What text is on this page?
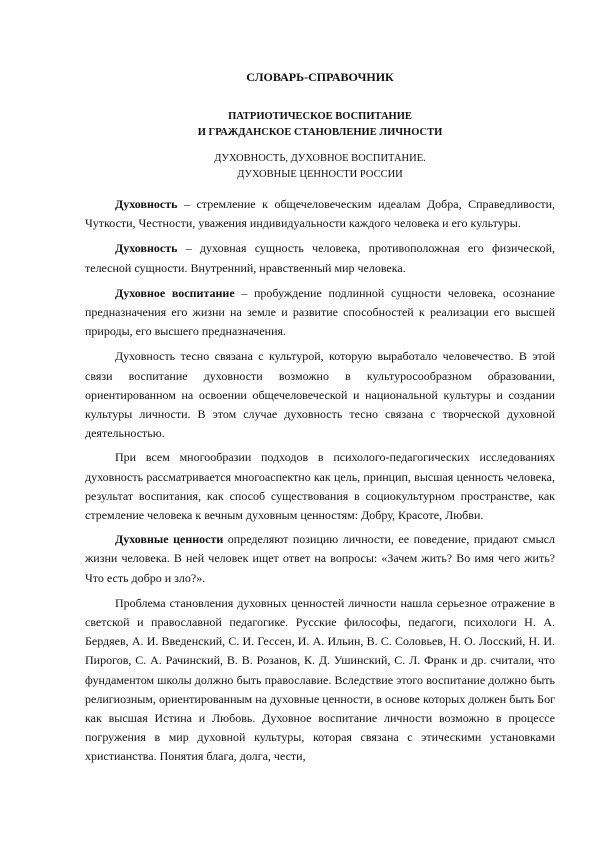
СЛОВАРЬ-СПРАВОЧНИК
ПАТРИОТИЧЕСКОЕ ВОСПИТАНИЕ
И ГРАЖДАНСКОЕ СТАНОВЛЕНИЕ ЛИЧНОСТИ
ДУХОВНОСТЬ, ДУХОВНОЕ ВОСПИТАНИЕ.
ДУХОВНЫЕ ЦЕННОСТИ РОССИИ

Духовность – стремление к общечеловеческим идеалам Добра, Справедливости, Чуткости, Честности, уважения индивидуальности каждого человека и его культуры.

Духовность – духовная сущность человека, противоположная его физической, телесной сущности. Внутренний, нравственный мир человека.

Духовное воспитание – пробуждение подлинной сущности человека, осознание предназначения его жизни на земле и развитие способностей к реализации его высшей природы, его высшего предназначения.

Духовность тесно связана с культурой, которую выработало человечество. В этой связи воспитание духовности возможно в культуросообразном образовании, ориентированном на освоении общечеловеческой и национальной культуры и создании культуры личности. В этом случае духовность тесно связана с творческой духовной деятельностью.

При всем многообразии подходов в психолого-педагогических исследованиях духовность рассматривается многоаспектно как цель, принцип, высшая ценность человека, результат воспитания, как способ существования в социокультурном пространстве, как стремление человека к вечным духовным ценностям: Добру, Красоте, Любви.

Духовные ценности определяют позицию личности, ее поведение, придают смысл жизни человека. В ней человек ищет ответ на вопросы: «Зачем жить? Во имя чего жить? Что есть добро и зло?».

Проблема становления духовных ценностей личности нашла серьезное отражение в светской и православной педагогике. Русские философы, педагоги, психологи Н. А. Бердяев, А. И. Введенский, С. И. Гессен, И. А. Ильин, В. С. Соловьев, Н. О. Лосский, Н. И. Пирогов, С. А. Рачинский, В. В. Розанов, К. Д. Ушинский, С. Л. Франк и др. считали, что фундаментом школы должно быть православие. Вследствие этого воспитание должно быть религиозным, ориентированным на духовные ценности, в основе которых должен быть Бог как высшая Истина и Любовь. Духовное воспитание личности возможно в процессе погружения в мир духовной культуры, которая связана с этическими установками христианства. Понятия блага, долга, чести,
